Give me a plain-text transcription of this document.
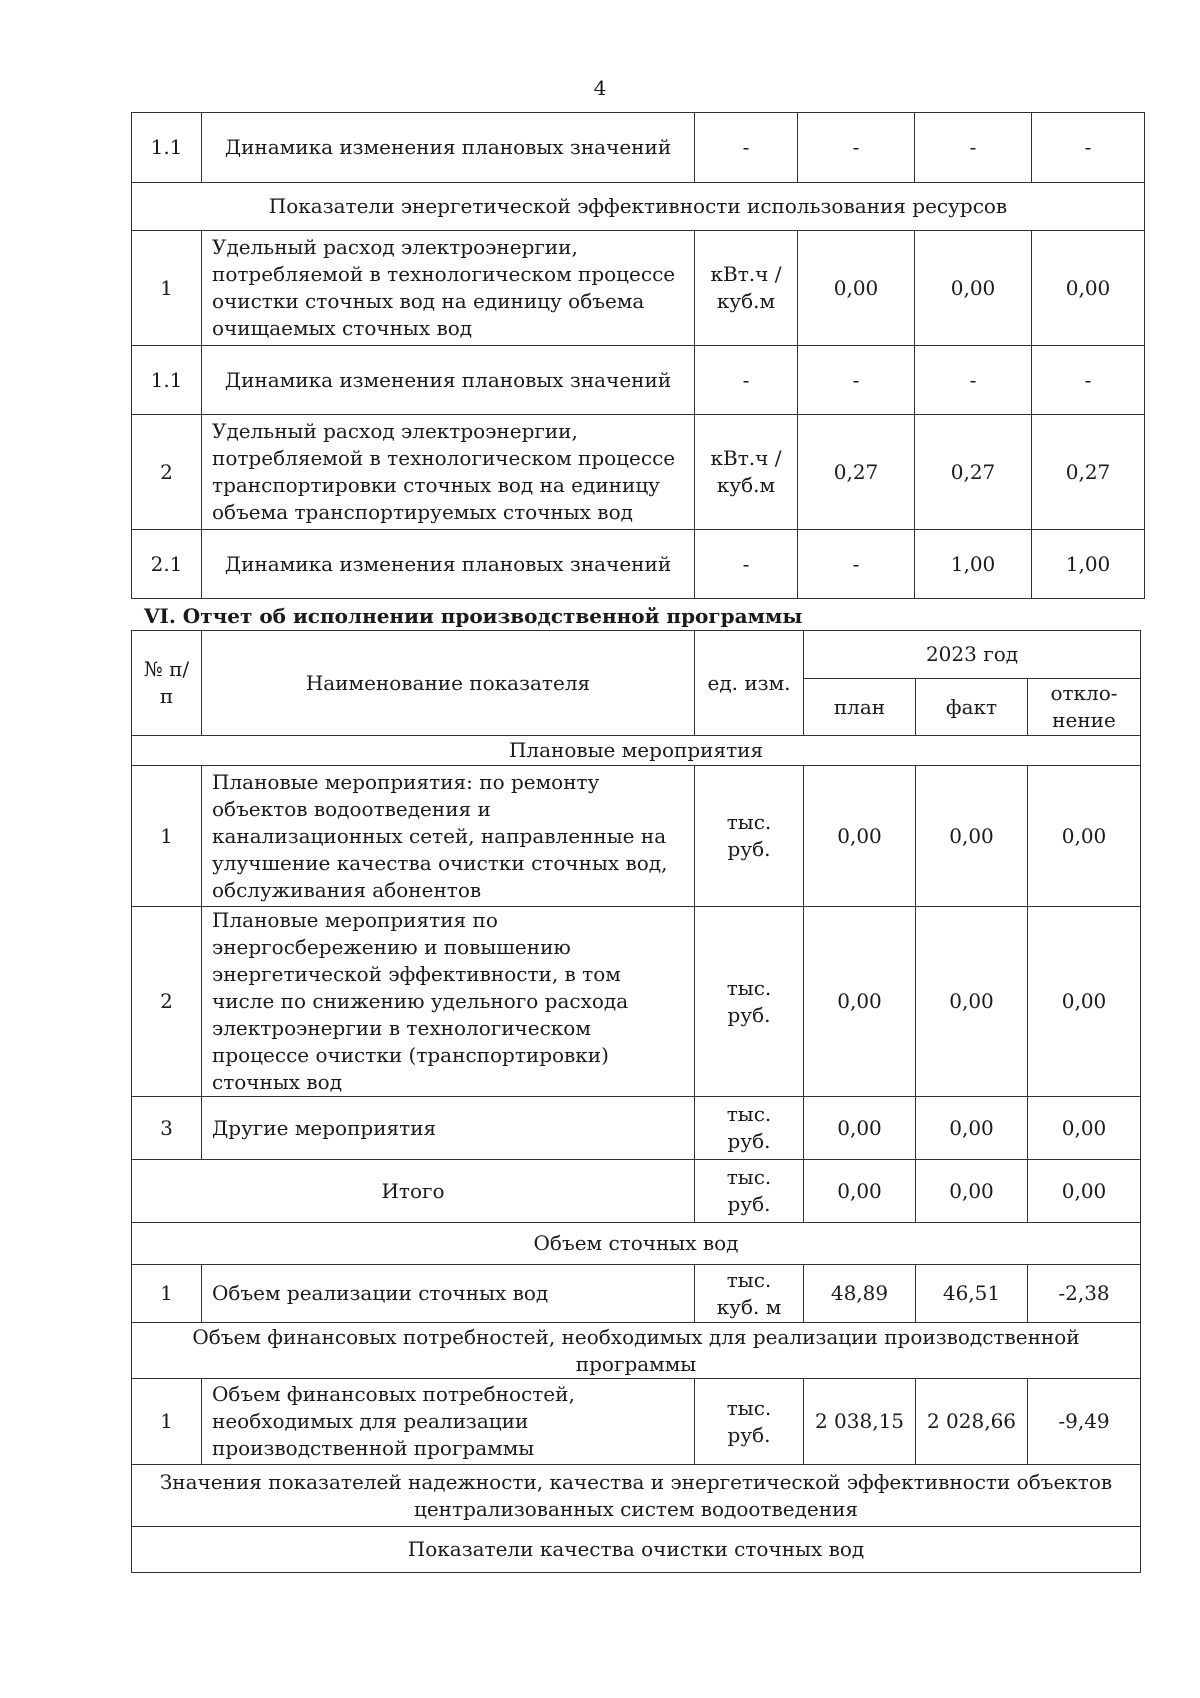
4
1.1	Динамика изменения плановых значений	-	-	-	-
Показатели энергетической эффективности использования ресурсов					
1	Удельный расход электроэнергии, потребляемой в технологическом процессе очистки сточных вод на единицу объема очищаемых сточных вод	кВт.ч / куб.м	0,00	0,00	0,00
1.1	Динамика изменения плановых значений	-	-	-	-
2	Удельный расход электроэнергии, потребляемой в технологическом процессе транспортировки сточных вод на единицу объема транспортируемых сточных вод	кВт.ч / куб.м	0,27	0,27	0,27
2.1	Динамика изменения плановых значений	-	-	1,00	1,00
VI. Отчет об исполнении производственной программы
№ п/п	Наименование показателя	ед. изм.	2023 год		
			план	факт	откло-нение
Плановые мероприятия					
1	Плановые мероприятия: по ремонту объектов водоотведения и канализационных сетей, направленные на улучшение качества очистки сточных вод, обслуживания абонентов	тыс. руб.	0,00	0,00	0,00
2	Плановые мероприятия по энергосбережению и повышению энергетической эффективности, в том числе по снижению удельного расхода электроэнергии в технологическом процессе очистки (транспортировки) сточных вод	тыс. руб.	0,00	0,00	0,00
3	Другие мероприятия	тыс. руб.	0,00	0,00	0,00
Итого		тыс. руб.	0,00	0,00	0,00
Объем сточных вод					
1	Объем реализации сточных вод	тыс. куб. м	48,89	46,51	-2,38
Объем финансовых потребностей, необходимых для реализации производственной программы					
1	Объем финансовых потребностей, необходимых для реализации производственной программы	тыс. руб.	2 038,15	2 028,66	-9,49
Значения показателей надежности, качества и энергетической эффективности объектов централизованных систем водоотведения					
Показатели качества очистки сточных вод					
